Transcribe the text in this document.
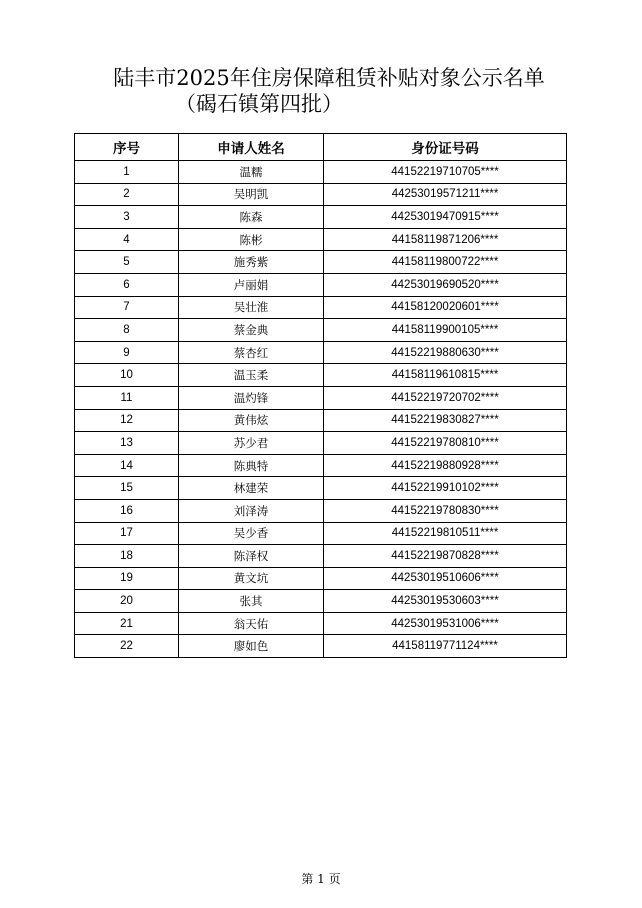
陆丰市2025年住房保障租赁补贴对象公示名单
（碣石镇第四批）
序号	申请人姓名	身份证号码
1	温糯	44152219710705****
2	吴明凯	44253019571211****
3	陈森	44253019470915****
4	陈彬	44158119871206****
5	施秀紫	44158119800722****
6	卢丽娟	44253019690520****
7	吴壮淮	44158120020601****
8	蔡金典	44158119900105****
9	蔡杏红	44152219880630****
10	温玉柔	44158119610815****
11	温灼锋	44152219720702****
12	黄伟炫	44152219830827****
13	苏少君	44152219780810****
14	陈典特	44152219880928****
15	林建荣	44152219910102****
16	刘泽涛	44152219780830****
17	吴少香	44152219810511****
18	陈泽权	44152219870828****
19	黄文坑	44253019510606****
20	张其	44253019530603****
21	翁天佑	44253019531006****
22	廖如色	44158119771124****
第 1 页
